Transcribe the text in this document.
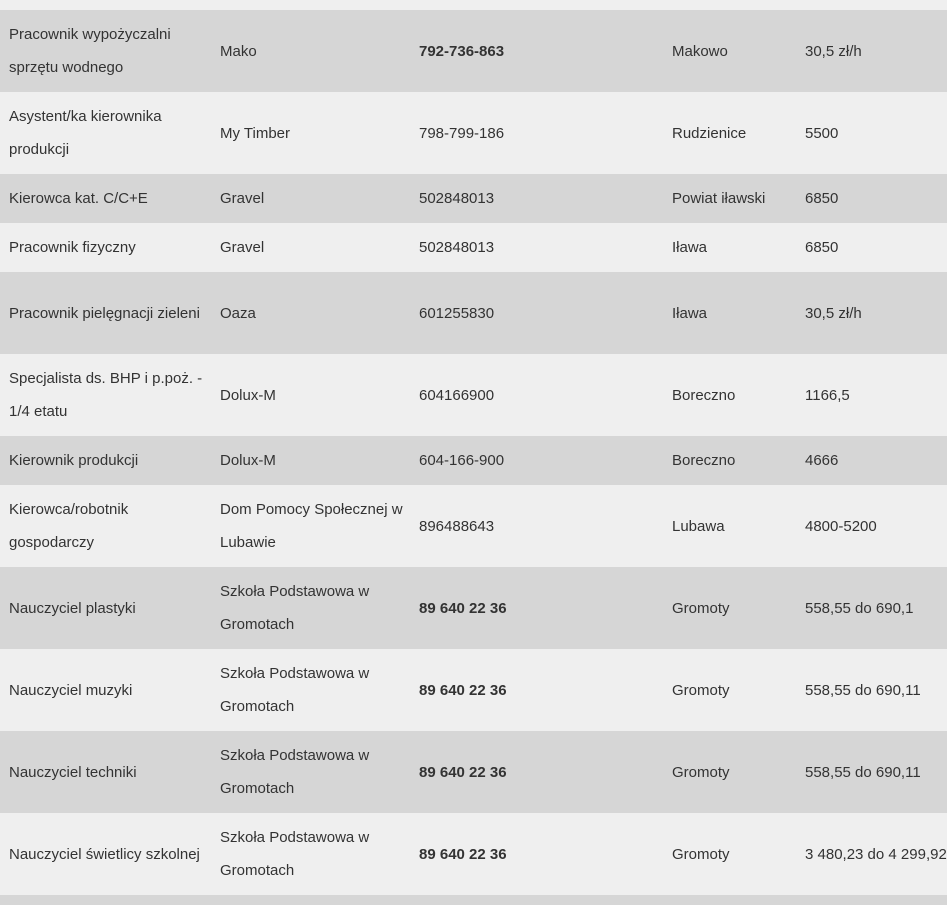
Pracownik wypożyczalni sprzętu wodnego	Mako	792-736-863	Makowo	30,5 zł/h
Asystent/ka kierownika produkcji	My Timber	798-799-186	Rudzienice	5500
Kierowca kat. C/C+E	Gravel	502848013	Powiat iławski	6850
Pracownik fizyczny	Gravel	502848013	Iława	6850
Pracownik pielęgnacji zieleni	Oaza	601255830	Iława	30,5 zł/h
Specjalista ds. BHP i p.poż. - 1/4 etatu	Dolux-M	604166900	Boreczno	1166,5
Kierownik produkcji	Dolux-M	604-166-900	Boreczno	4666
Kierowca/robotnik gospodarczy	Dom Pomocy Społecznej w Lubawie	896488643	Lubawa	4800-5200
Nauczyciel plastyki	Szkoła Podstawowa w Gromotach	89 640 22 36	Gromoty	558,55 do 690,1
Nauczyciel muzyki	Szkoła Podstawowa w Gromotach	89 640 22 36	Gromoty	558,55 do 690,11
Nauczyciel techniki	Szkoła Podstawowa w Gromotach	89 640 22 36	Gromoty	558,55 do 690,11
Nauczyciel świetlicy szkolnej	Szkoła Podstawowa w Gromotach	89 640 22 36	Gromoty	3 480,23 do 4 299,92
